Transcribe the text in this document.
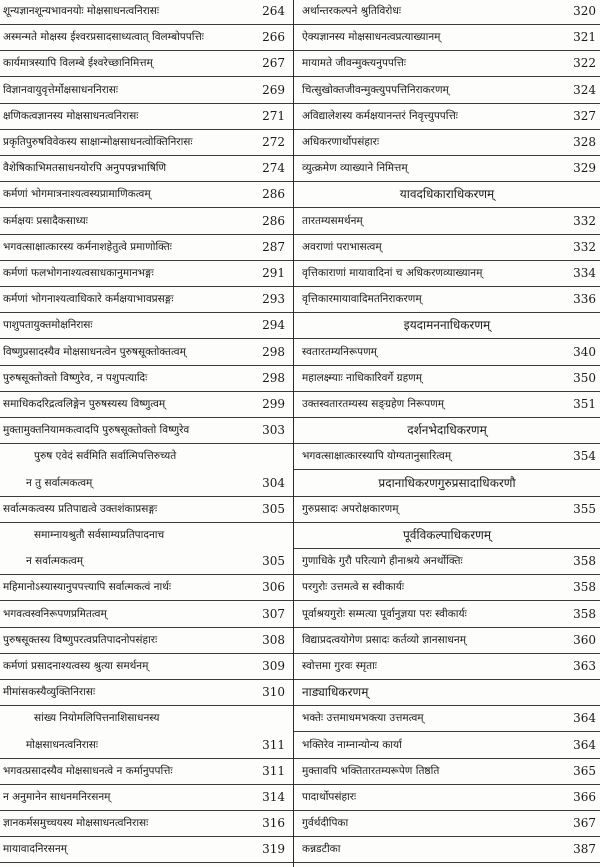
शून्यज्ञानशून्यभावनयोः मोक्षसाधनत्वनिरासः	264
अस्मन्मते मोक्षस्य ईश्वरप्रसादसाध्यत्वात् विलम्बोपपत्तिः	266
कार्यमात्रस्यापि विलम्बे ईश्वरेच्छानिमित्तम्	267
विज्ञानवायुवृत्तेर्मोक्षसाधननिरासः	269
क्षणिकत्वज्ञानस्य मोक्षसाधनत्वनिरासः	271
प्रकृतिपुरुषविवेकस्य साक्षान्मोक्षसाधनत्वोक्तिनिरासः	272
वैशेषिकाभिमतसाधनयोरपि अनुपपन्नभाषिणि	274
कर्मणां भोगमात्रनाश्यत्वस्यप्रामाणिकत्वम्	286
कर्मक्षयः प्रसादैकसाध्यः	286
भगवत्साक्षात्कारस्य कर्मनाशहेतुत्वे प्रमाणोक्तिः	287
कर्मणां फलभोगनाश्यत्वसाधकानुमानभङ्गः	291
कर्मणां भोगनाश्यत्वाधिकारे कर्मक्षयाभावप्रसङ्गः	293
पाशुपतायुक्तमोक्षनिरासः	294
विष्णुप्रसादस्यैव मोक्षसाधनत्वेन पुरुषसूक्तोक्तत्वम्	298
पुरुषसूक्तोक्तो विष्णुरेव, न पशुपत्यादिः	298
समाधिकदरिद्रत्वलिङ्गेन पुरुषस्यस्य विष्णुत्वम्	299
मुक्तामुक्तनियामकत्वादपि पुरुषसूक्तोक्तो विष्णुरेव	303
पुरुष एवेदं सर्वमिति सर्वात्मिपत्तिरुच्यते
न तु सर्वात्मकत्वम्	304
सर्वात्मकत्वस्य प्रतिपाद्यत्वे उक्तशंकाप्रसङ्गः	305
समाम्नायश्रुतौ सर्वसाम्यप्रतिपादनाच
न सर्वात्मकत्वम्	305
महिमानोऽस्यास्यानुपपत्त्यापि सर्वात्मकत्वं नार्थः	306
भगवत्वस्वनिरूपणप्रमितत्वम्	307
पुरुषसूक्तस्य विष्णुपरत्वप्रतिपादनोपसंहारः	308
कर्मणां प्रसादनाश्यत्वस्य श्रुत्या समर्थनम्	309
मीमांसकस्यैव्युक्तिनिरासः	310
सांख्य नियोमलिपित्तनाशिसाधनस्य
मोक्षसाधनत्वनिरासः	311
भगवत्प्रसादस्यैव मोक्षसाधनत्वे न कर्मानुपपत्तिः	311
न अनुमानेन साधनमनिरसनम्	314
ज्ञानकर्मसमुच्चयस्य मोक्षसाधनत्वनिरासः	316
मायावादनिरसनम्	319
अर्थान्तरकल्पने श्रुतिविरोधः	320
ऐक्यज्ञानस्य मोक्षसाधनत्वप्रत्याख्यानम्	321
मायामते जीवन्मुक्त्यनुपपत्तिः	322
चित्सुखोक्तजीवन्मुक्त्युपपत्तिनिराकरणम्	324
अविद्यालेशस्य कर्मक्षयानन्तरं निवृत्त्युपपत्तिः	327
अधिकरणार्थोपसंहारः	328
व्युत्क्रमेण व्याख्याने निमित्तम्	329
यावदधिकाराधिकरणम्
तारतम्यसमर्थनम्	332
अवराणां पराभासत्वम्	332
वृत्तिकाराणां मायावादिनां च अधिकरणव्याख्यानम्	334
वृत्तिकारमायावादिमतनिराकरणम्	336
इयदामननाधिकरणम्
स्वतारतम्यनिरूपणम्	340
महालक्ष्म्याः नाधिकारिवर्गे ग्रहणम्	350
उक्तस्वतारतम्यस्य सङ्ग्रहेण निरूपणम्	351
दर्शनभेदाधिकरणम्
भगवत्साक्षात्कारस्यापि योग्यतानुसारित्वम्	354
प्रदानाधिकरणगुरुप्रसादाधिकरणौ
गुरुप्रसादः अपरोक्षकारणम्	355
पूर्वविकल्पाधिकरणम्
गुणाधिके गुरौ परित्यागे हीनाश्रये अनर्थोक्तिः	358
परगुरोः उत्तमत्वे स स्वीकार्यः	358
पूर्वाश्रयगुरोः सम्मत्या पूर्वानुज्ञया परः स्वीकार्यः	358
विद्याप्रदत्वयोगेण प्रसादः कर्तव्यो ज्ञानसाधनम्	360
स्वोत्तमा गुरवः स्मृताः	363
नाड्याधिकरणम्
भक्तेः उत्तमाधमभक्त्या उत्तमत्वम्	364
भक्तिरेव नाम्नान्योन्य कार्या	364
मुक्तावपि भक्तितारतम्यरूपेण तिष्ठति	365
पादार्थोपसंहारः	366
गुर्वर्थदीपिका	367
कन्नडटीका	387
